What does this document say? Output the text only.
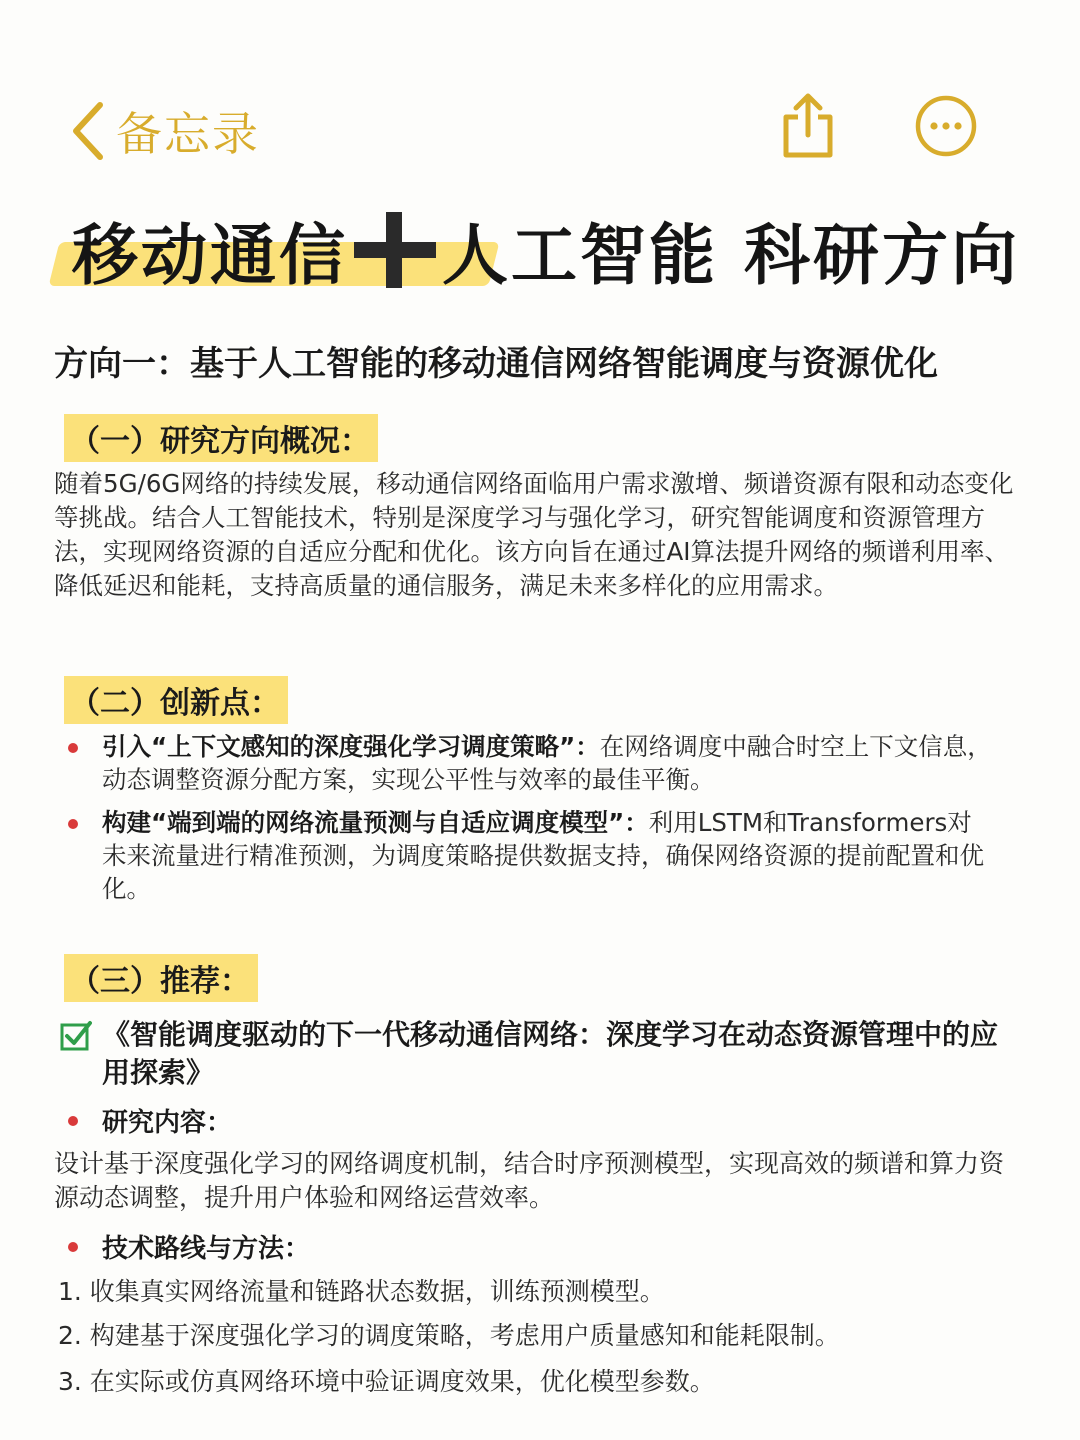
备忘录
移动通信 人工智能 科研方向
方向一：基于人工智能的移动通信网络智能调度与资源优化
（一）研究方向概况：

随着5G/6G网络的持续发展，移动通信网络面临用户需求激增、频谱资源有限和动态变化等挑战。结合人工智能技术，特别是深度学习与强化学习，研究智能调度和资源管理方法，实现网络资源的自适应分配和优化。该方向旨在通过AI算法提升网络的频谱利用率、降低延迟和能耗，支持高质量的通信服务，满足未来多样化的应用需求。

（二）创新点：
引入“上下文感知的深度强化学习调度策略”：在网络调度中融合时空上下文信息，动态调整资源分配方案，实现公平性与效率的最佳平衡。
构建“端到端的网络流量预测与自适应调度模型”：利用LSTM和Transformers对未来流量进行精准预测，为调度策略提供数据支持，确保网络资源的提前配置和优化。
（三）推荐：
《智能调度驱动的下一代移动通信网络：深度学习在动态资源管理中的应用探索》
研究内容：

设计基于深度强化学习的网络调度机制，结合时序预测模型，实现高效的频谱和算力资源动态调整，提升用户体验和网络运营效率。

技术路线与方法：

1. 收集真实网络流量和链路状态数据，训练预测模型。

2. 构建基于深度强化学习的调度策略，考虑用户质量感知和能耗限制。

3. 在实际或仿真网络环境中验证调度效果，优化模型参数。
